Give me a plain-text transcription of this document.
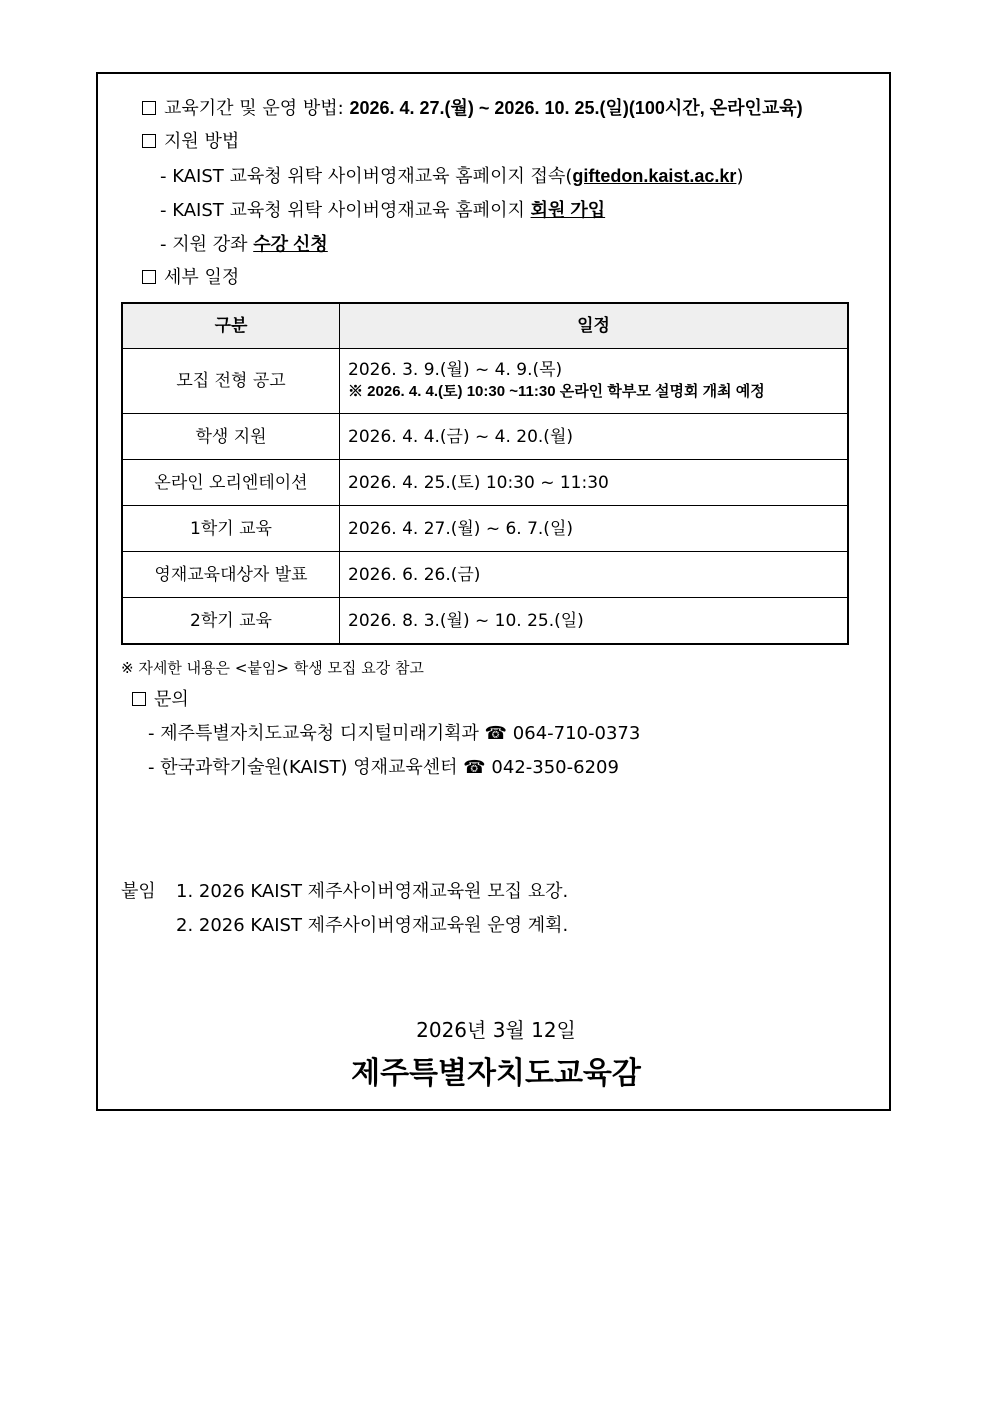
교육기간 및 운영 방법: 2026. 4. 27.(월) ~ 2026. 10. 25.(일)(100시간, 온라인교육)
지원 방법
- KAIST 교육청 위탁 사이버영재교육 홈페이지 접속(giftedon.kaist.ac.kr)
- KAIST 교육청 위탁 사이버영재교육 홈페이지 회원 가입
- 지원 강좌 수강 신청
세부 일정
구분	일정
모집 전형 공고	2026. 3. 9.(월) ~ 4. 9.(목)
※ 2026. 4. 4.(토) 10:30 ~11:30 온라인 학부모 설명회 개최 예정

학생 지원	2026. 4. 4.(금) ~ 4. 20.(월)
온라인 오리엔테이션	2026. 4. 25.(토) 10:30 ~ 11:30
1학기 교육	2026. 4. 27.(월) ~ 6. 7.(일)
영재교육대상자 발표	2026. 6. 26.(금)
2학기 교육	2026. 8. 3.(월) ~ 10. 25.(일)
※ 자세한 내용은 <붙임> 학생 모집 요강 참고
문의
- 제주특별자치도교육청 디지털미래기획과 ☎ 064-710-0373
- 한국과학기술원(KAIST) 영재교육센터 ☎ 042-350-6209
붙임 1. 2026 KAIST 제주사이버영재교육원 모집 요강.
2. 2026 KAIST 제주사이버영재교육원 운영 계획.
2026년 3월 12일
제주특별자치도교육감
